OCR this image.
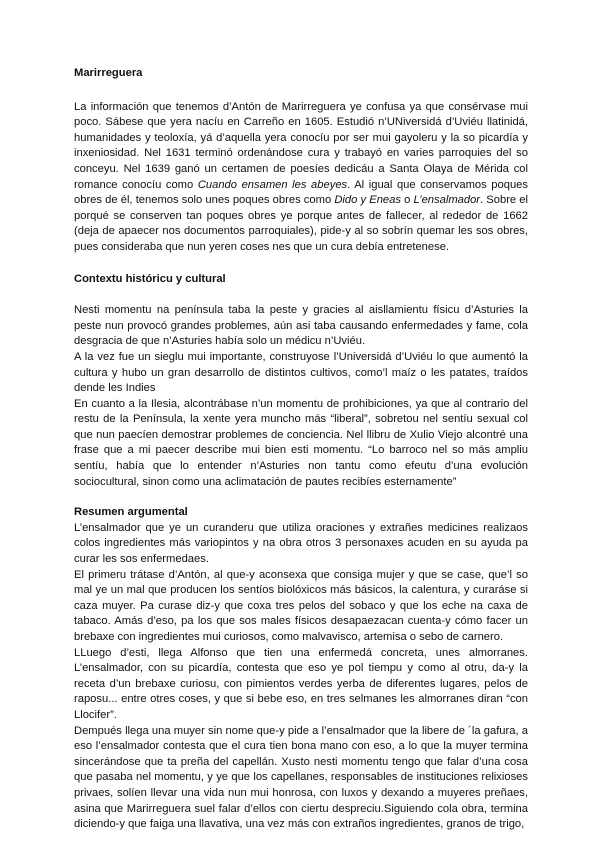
Marirreguera

La información que tenemos d’Antón de Marirreguera ye confusa ya que consérvase mui poco. Sábese que yera nacíu en Carreño en 1605. Estudió n’UNiversidá d’Uviéu llatinidá, humanidades y teoloxía, yá d’aquella yera conocíu por ser mui gayoleru y la so picardía y inxeniosidad. Nel 1631 terminó ordenándose cura y trabayó en varies parroquies del so conceyu. Nel 1639 ganó un certamen de poesíes dedicáu a Santa Olaya de Mérida col romance conocíu como Cuando ensamen les abeyes. Al igual que conservamos poques obres de él, tenemos solo unes poques obres como Dido y Eneas o L’ensalmador. Sobre el porqué se conserven tan poques obres ye porque antes de fallecer, al rededor de 1662 (deja de apaecer nos documentos parroquiales), pide-y al so sobrín quemar les sos obres, pues consideraba que nun yeren coses nes que un cura debía entretenese.

Contextu históricu y cultural

Nesti momentu na península taba la peste y gracies al aisllamientu físicu d’Asturies la peste nun provocó grandes problemes, aún asi taba causando enfermedades y fame, cola desgracia de que n’Asturies había solo un médicu n’Uviéu.

A la vez fue un sieglu mui importante, construyose l’Universidá d’Uviéu lo que aumentó la cultura y hubo un gran desarrollo de distintos cultivos, como’l maíz o les patates, traídos dende les Indies

En cuanto a la Ilesia, alcontrábase n’un momentu de prohibiciones, ya que al contrario del restu de la Península, la xente yera muncho más “liberal”, sobretou nel sentíu sexual col que nun paecíen demostrar problemes de conciencia. Nel llibru de Xulio Viejo alcontré una frase que a mi paecer describe mui bien esti momentu. “Lo barroco nel so más ampliu sentíu, había que lo entender n’Asturies non tantu como efeutu d’una evolución sociocultural, sinon como una aclimatación de pautes recibíes esternamente”

Resumen argumental

L’ensalmador que ye un curanderu que utiliza oraciones y extrañes medicines realizaos colos ingredientes más variopintos y na obra otros 3 personaxes acuden en su ayuda pa curar les sos enfermedaes.

El primeru trátase d’Antón, al que-y aconsexa que consiga mujer y que se case, que’l so mal ye un mal que producen los sentíos biolóxicos más básicos, la calentura, y curaráse si caza muyer. Pa curase diz-y que coxa tres pelos del sobaco y que los eche na caxa de tabaco. Amás d’eso, pa los que sos males físicos desapaezacan cuenta-y cómo facer un brebaxe con ingredientes mui curiosos, como malvavisco, artemisa o sebo de carnero.

LLuego d’esti, llega Alfonso que tien una enfermedá concreta, unes almorranes. L’ensalmador, con su picardía, contesta que eso ye pol tiempu y como al otru, da-y la receta d’un brebaxe curiosu, con pimientos verdes yerba de diferentes lugares, pelos de raposu... entre otres coses, y que si bebe eso, en tres selmanes les almorranes diran “con Llocifer”.

Dempués llega una muyer sin nome que-y pide a l’ensalmador que la libere de ´la gafura, a eso l’ensalmador contesta que el cura tien bona mano con eso, a lo que la muyer termina sincerándose que ta preña del capellán. Xusto nesti momentu tengo que falar d’una cosa que pasaba nel momentu, y ye que los capellanes, responsables de instituciones relixioses privaes, solíen llevar una vida nun mui honrosa, con luxos y dexando a muyeres preñaes, asina que Marirreguera suel falar d’ellos con ciertu despreciu.Siguiendo cola obra, termina diciendo-y que faiga una llavativa, una vez más con extraños ingredientes, granos de trigo,
